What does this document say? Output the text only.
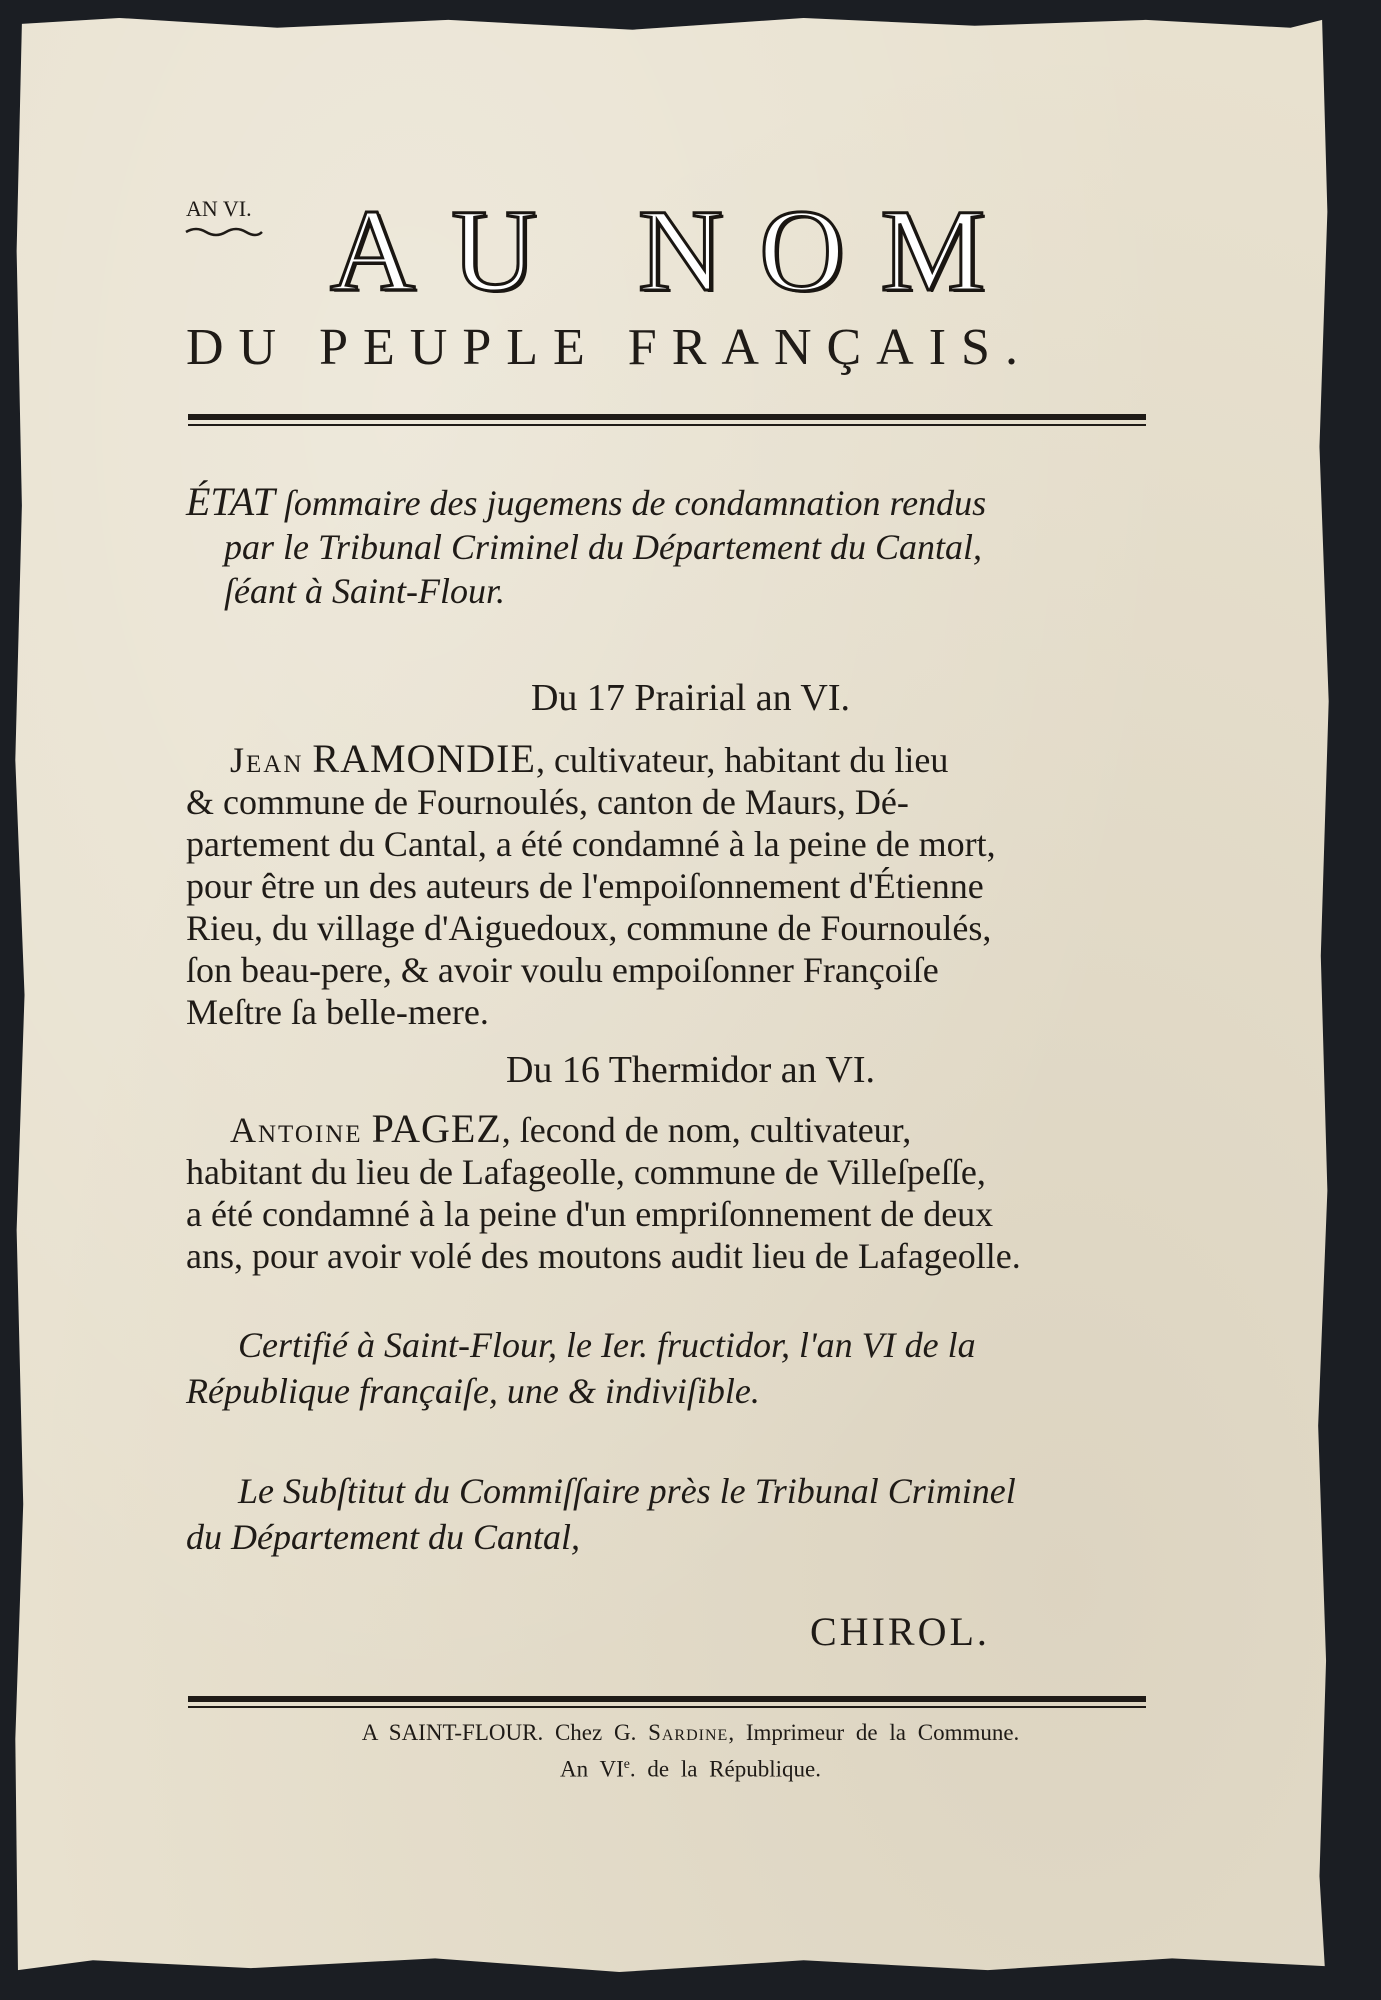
AN VI. AU NOM
DU PEUPLE FRANÇAIS.
ÉTAT ſommaire des jugemens de condamnation rendus
par le Tribunal Criminel du Département du Cantal,
ſéant à Saint-Flour.
Du 17 Prairial an VI.
Jean RAMONDIE, cultivateur, habitant du lieu
& commune de Fournoulés, canton de Maurs, Dé-
partement du Cantal, a été condamné à la peine de mort,
pour être un des auteurs de l'empoiſonnement d'Étienne
Rieu, du village d'Aiguedoux, commune de Fournoulés,
ſon beau-pere, & avoir voulu empoiſonner Françoiſe
Meſtre ſa belle-mere.
Du 16 Thermidor an VI.
Antoine PAGEZ, ſecond de nom, cultivateur,
habitant du lieu de Lafageolle, commune de Villeſpeſſe,
a été condamné à la peine d'un empriſonnement de deux
ans, pour avoir volé des moutons audit lieu de Lafageolle.
Certifié à Saint-Flour, le Ier. fructidor, l'an VI de la
République françaiſe, une & indiviſible.
Le Subſtitut du Commiſſaire près le Tribunal Criminel
du Département du Cantal,
CHIROL.
A SAINT-FLOUR. Chez G. Sardine, Imprimeur de la Commune.
An VIe. de la République.
